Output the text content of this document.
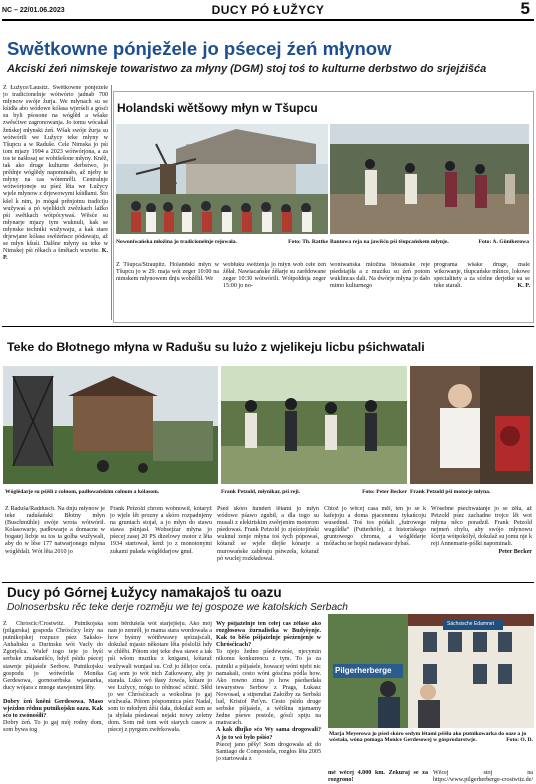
NC – 22/01.06.2023	DUCY PÓ ŁUŽYCY	5
Swětkowne pónježele jo pśecej źeń młynow
Akciski źeń nimskeje towaristwo za młyny (DGM) stoj toś to kulturne derbstwo do srjejźišća
Z Łužyce/Lausitz. Swětkowne pónjeźele jo tradicionelnje wótwório jadnab 700 młynow swóje žurja. We młynach su se kśidła abo wódowe kólasa wjerśeli a gósći su byli pśosone na wóglěd a wšake zwěsćiwe zagronowanja. Jo tomu wócakał žeńskej młynski źeń. Wšak swóje žurja su wótwórili we Łužycy teke młyny w Tšupcu a w Raduše. Cele Nimska jo pśi tom mjazy 1994 a 2023 wótwórjona, a za tos te našłosaj se wobtšešone młyny. Kněž, tak ako druge kulturne derbstwo, jo prědnje wóglědy napominało, až njeby te młyny na cas wótemrěli. Centralnje wótwórjoneje su pśeź lěta we Łužycy wjele młynow z drjewowymi kśidłami. Što kšel k nim, jo mógał prěnjotnu tradiciju wužywaś a pó wjelikich zwězkach lažko pśi swětkach wótpócywaś. Wěsće su młynarje mjazy tym wuknuli, kak se młynske techniki wužywaju, a kak stare drjewjane kólasa swěźeńsce pódawaju, až se młyn kšuśi. Dalšne młyny su teke w Nimskej pśi rěkach a šmětach wuwite. K. P.
Holandski wětšowy młyn w Tšupcu
Nowoniwańska młožina jo tradicionelnje rejowała.	Foto: Th. Rattke Bantowa reja na jawišću pśi tšupcańskem młynje.	Foto: A. Günikerowa
Z Tšupca/Straupitz. Holandski młyn w Tšupcu jo w 29. maja wót zeger 10:00 na nimskem młynowem dnju wobźělił. We
wobłuku swěźenja jo młyn wob cełe źeń źěłał. Nawiacańske źěłarje su zarědowane zeger 10:30 wótwórili. Wótpołdnja zeger 15:00 jo no-
woniwańska młožina błośańske reje pśedstajiła a z muziku su źeń potom wuklincas dali. Na dwórje młyna jo dało mimo kulturnego
programa wšake druge, male wikowanje, tšupcańske młince, lokowe specialitety a za sćelne derjetke su se teke starali.	K. P.
Teke do Błotnego młyna w Radušu su lużo z wjelikeju licbu pśichwatali
Wóglědarje su pśišli z colnom, padłowańskim colnom a kólasom.	Frank Petzold, młynikar, pśi reji.	Foto: Peter Becker Frank Petzold pśi motorje młyna.
Z Raduša/Raddusch. Na dnju młynow je teke radušański Błotny młyn (Buschmühle) swóje wrota wótwórił. Kolasowarje, padłowarje a domacne w bogatej licbje su tos ta golba wužywali, aby do w lěse 177 natwarjonego młyna wóglědali. Wót lěta 2010 jo
Frank Petzold chrom wobnowił, kótaryž jo wjele lět prozny a skóro rozpadnjeny na gruntach stojał, a jo młyn do stawu stawa pśinjasł. Wobsejźar młyna jo pśecej zasej 20 PS dizelowy motor z lěta 1934 startował, kenž jo z monotonymi zukami pułada wóglědarjow gnuł.
Pśed skóro hundert lětami jo młyn wódowe pśawo zgubił, a dla togo su musali z elektriskim zwěrjenim motorom pśedowaś. Frank Petzold jo zjeśotojiński wuknuł zenje młyna toś tych pópowaś, kótaraž se wjele dlejše kónarje a murowańske zaběraju pśiwzeła, kótaraž pó wucłej rozkładowal.
Chtož jo wěcej casa měl, ten jo se k kafejoju a doma pjacenemu tykańcoju wusednuł. Toś tos pódali „futrowege wugóldła“ (Futterhöfe), z historiskego gruntowego chroma, a wóglědarje móžachu se hopśi nadawace dybaś.
Wósebne pśechwatanje jo se źěła, až Petzold pśez zachadne trojce lět wot młyna něco poradził. Frank Petzold nejmeń chylu, aby swójo młynowu šćerju wótpokólył, dokulaž su jomu nje k reji Annemarie-pólki napominali.
Peter Becker
Ducy pó Górnej Łužycy namakajoš tu oazu
Dolnoserbsku rěc teke derje rozměju we tej gospoze we katolskich Serbach
Z Chrósćic/Crostwitz. Putnikojska (pilgarska) gospoda Chrósćicy leży na putnikojskej rozpuce pśez Saksko-Anhaltsku a Durinsku wót Vacły do Zgorjelca. Wuleř togo teje jo byśi serbske zmakanišćo, hdyž pśidu pśecej stawnje pśijaśele Serbow. Putnikojsku gospodu jo wótwóriła Monika Gerdesowa, gornoserbska wjasnarka, ducy wójara z mnoge stawjenimi lěty.

Dobry źeń kněni Gerdesowa. Maso wjeźdon rědnu putnikojsku oazu. Kak sćo to zwónośiłi?
Dobry źeń. To jo gaj mój rodny dom, som bywa tog
som běrdušela wót starjejšeju. Ako mój nan jo zemrěł, jo mama stara wordowała a how byśmy wóttřewawy spózajsćali, dokulaž mjasto někotare lěta pósloliź hdy w chlěbi. Pótom stej teke dwa stawe a tak pśi wšom muziku z knigami, kótaraž wužywali wunjasł su. Což jo źělejce ceća. Gaj som jo wót nich Zatkowany, aby jo starała. Luko wó tłasy źowća, kótare jo we Łužycy, mógu to rědnosć sćinić. Słěd jo we Chrósćicach a wokolina jo gaj wužwaša. Pótom póspomnica pśez Nadal, som to młodym źěśi dała, dokulaž som se ja słyšała pśedawaś nejaki nowy zeleny dom. Som mě tom wót starych casow a pśecej z pyrgom zwěrkowała.
Wy pśijaźelnje ten cełej cas źěłaśo ako rozgłosowa žurnalistka w Budyšynje. Kak to běšo pśijaźelnje pśeźenjenje w Chrósćicach?
To njejo žedno pśedewześe, njecymin nikomu konkurencu z tym. To ja za putniki a pśijaśele, howacej wóni njebi nic namakali, cesto wóni gósćina pódla how. Ako rowno zima jo how pśedsedała tewarystwa Serbow z Prags, Łukasz Nowosad, a stipendiat Załožby za Serbski lud, Kristof Peťyn. Cesto pśidu druge serbske pśijaśele, a wětšina njamamy žedne pśewe postole, gósći spiju na matracach.
A kak dłujko sćo Wy sama drogowali? A jo to wó było pśiśo?
Pśecej jano pěšy! Som drogowała až do Santiago de Compostela, rozgłos lěta 2005 jo startowała z
Pilgerherberge
Sächsische Edamnet
Marja Meyerowa jo pśed skóro sedym lětami pśišła ako putnikowarka do oaze a jo wóstała, wóna pomaga Monice Gerdesowej w gósprodarstwje.	Foto: O. D.
mě wěcej 4.000 km. Zekuraj se za rozgrono!
Wěcej stoj na https://www.pilgerherberge-crostwitz.de/
